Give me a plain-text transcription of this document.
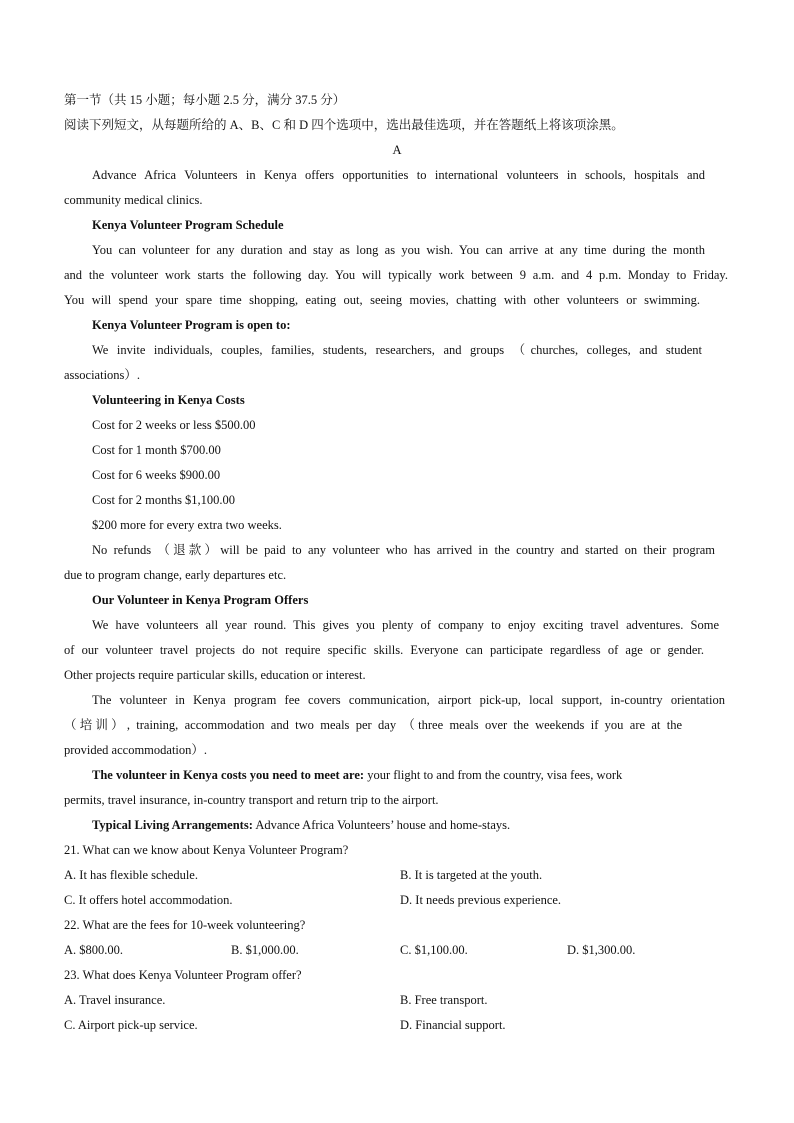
第一节（共 15 小题；每小题 2.5 分，满分 37.5 分）
阅读下列短文，从每题所给的 A、B、C 和 D 四个选项中，选出最佳选项，并在答题纸上将该项涂黑。
A
Advance Africa Volunteers in Kenya offers opportunities to international volunteers in schools, hospitals and
community medical clinics.
Kenya Volunteer Program Schedule
You can volunteer for any duration and stay as long as you wish. You can arrive at any time during the month
and the volunteer work starts the following day. You will typically work between 9 a.m. and 4 p.m. Monday to Friday.
You will spend your spare time shopping, eating out, seeing movies, chatting with other volunteers or swimming.
Kenya Volunteer Program is open to:
We invite individuals, couples, families, students, researchers, and groups （churches, colleges, and student
associations）.
Volunteering in Kenya Costs
Cost for 2 weeks or less $500.00
Cost for 1 month $700.00
Cost for 6 weeks $900.00
Cost for 2 months $1,100.00
$200 more for every extra two weeks.
No refunds （退款）will be paid to any volunteer who has arrived in the country and started on their program
due to program change, early departures etc.
Our Volunteer in Kenya Program Offers
We have volunteers all year round. This gives you plenty of company to enjoy exciting travel adventures. Some
of our volunteer travel projects do not require specific skills. Everyone can participate regardless of age or gender.
Other projects require particular skills, education or interest.
The volunteer in Kenya program fee covers communication, airport pick-up, local support, in-country orientation
（培训）, training, accommodation and two meals per day （three meals over the weekends if you are at the
provided accommodation）.
The volunteer in Kenya costs you need to meet are: your flight to and from the country, visa fees, work
permits, travel insurance, in-country transport and return trip to the airport.
Typical Living Arrangements: Advance Africa Volunteers’ house and home-stays.
21. What can we know about Kenya Volunteer Program?
A. It has flexible schedule.	B. It is targeted at the youth.
C. It offers hotel accommodation.	D. It needs previous experience.
22. What are the fees for 10-week volunteering?
A. $800.00.	B. $1,000.00.	C. $1,100.00.	D. $1,300.00.
23. What does Kenya Volunteer Program offer?
A. Travel insurance.	B. Free transport.
C. Airport pick-up service.	D. Financial support.
